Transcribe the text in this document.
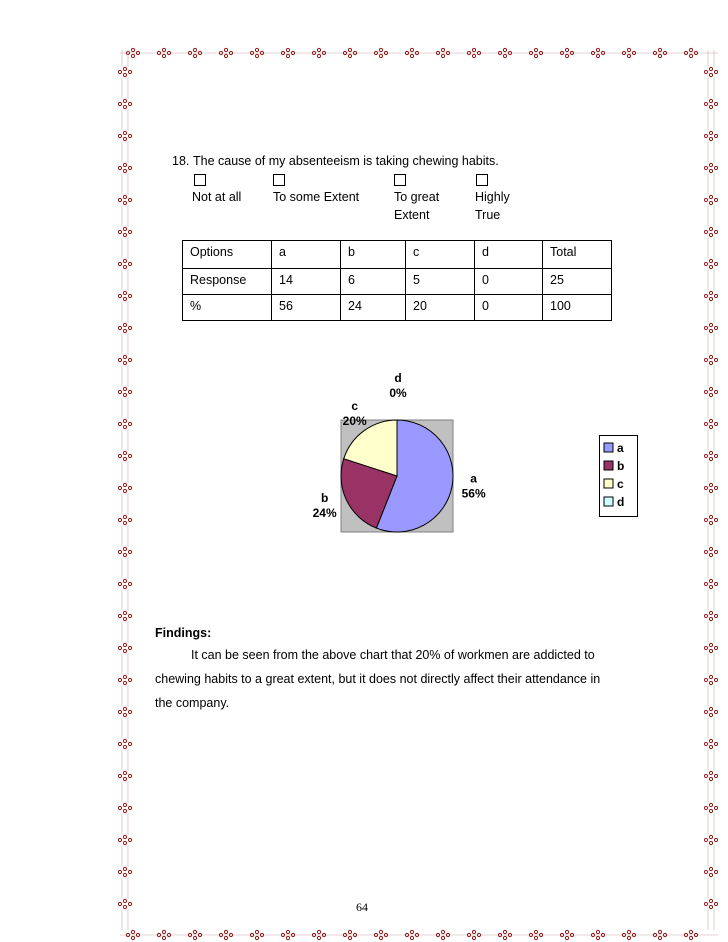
18. The cause of my absenteeism is taking chewing habits.
Not at all	To some Extent	To great
Extent
Highly
True
Options	a	b	c	d	Total
Response	14	6	5	0	25
%	56	24	20	0	100
a
56%
b
24%
c
20%
d
0%
a
b
c
d
Findings:
It can be seen from the above chart that 20% of workmen are addicted to
chewing habits to a great extent, but it does not directly affect their attendance in
the company.
64
